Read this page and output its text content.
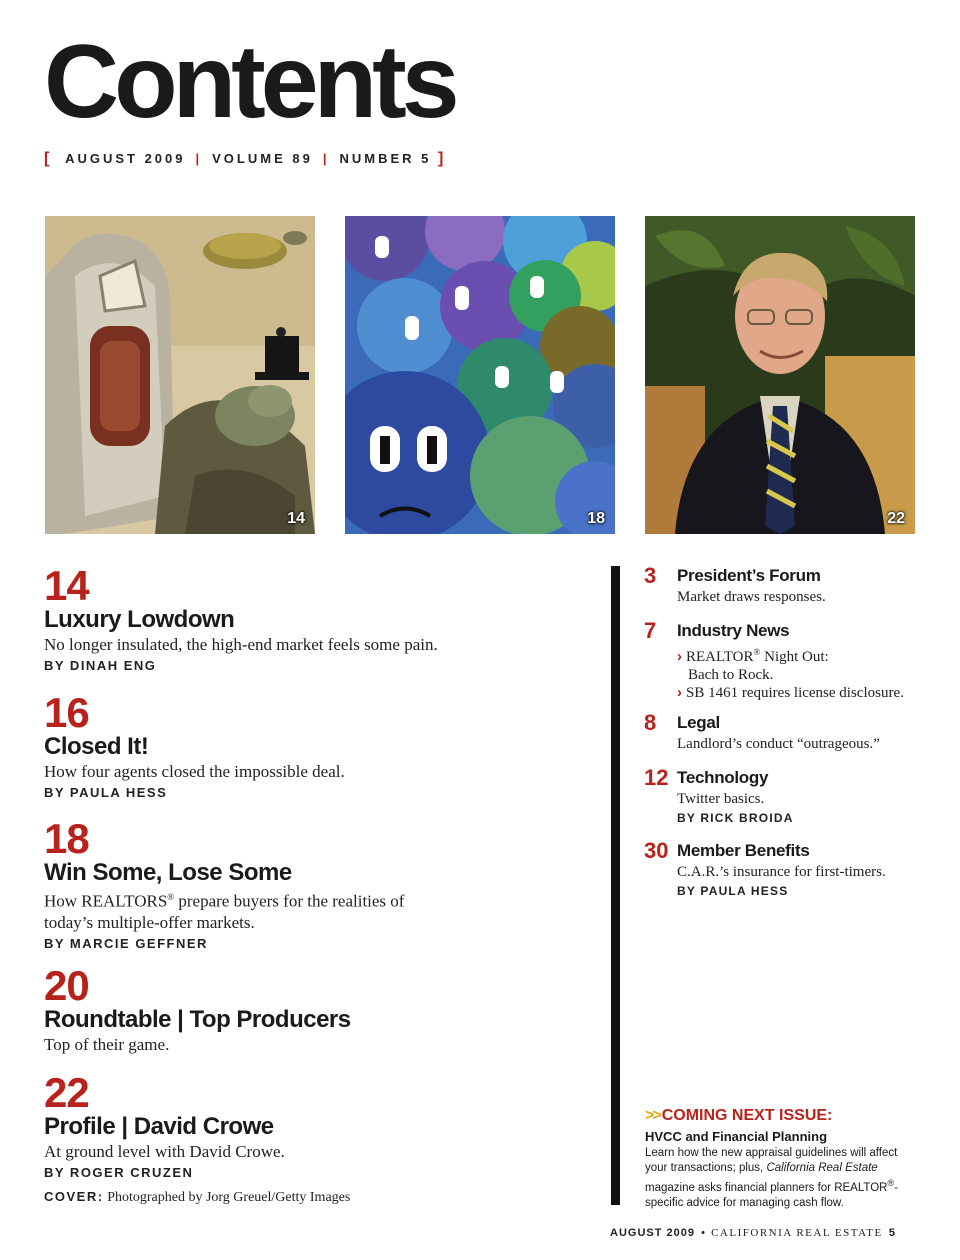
Contents
[ AUGUST 2009 | VOLUME 89 | NUMBER 5 ]
14	18	22
14
Luxury Lowdown
No longer insulated, the high-end market feels some pain.
BY DINAH ENG
16
Closed It!
How four agents closed the impossible deal.
BY PAULA HESS
18
Win Some, Lose Some
How REALTORS® prepare buyers for the realities of today’s multiple-offer markets.
BY MARCIE GEFFNER
20
Roundtable | Top Producers
Top of their game.
22
Profile | David Crowe
At ground level with David Crowe.
BY ROGER CRUZEN
COVER: Photographed by Jorg Greuel/Getty Images
3 President’s Forum
Market draws responses.
7 Industry News
› REALTOR® Night Out:
Bach to Rock.
› SB 1461 requires license disclosure.
8 Legal
Landlord’s conduct “outrageous.”
12 Technology
Twitter basics.
BY RICK BROIDA
30 Member Benefits
C.A.R.’s insurance for first-timers.
BY PAULA HESS
>> COMING NEXT ISSUE:
HVCC and Financial Planning
Learn how the new appraisal guidelines will affect your transactions; plus, California Real Estate magazine asks financial planners for REALTOR®-specific advice for managing cash flow.
AUGUST 2009 • CALIFORNIA REAL ESTATE 5
